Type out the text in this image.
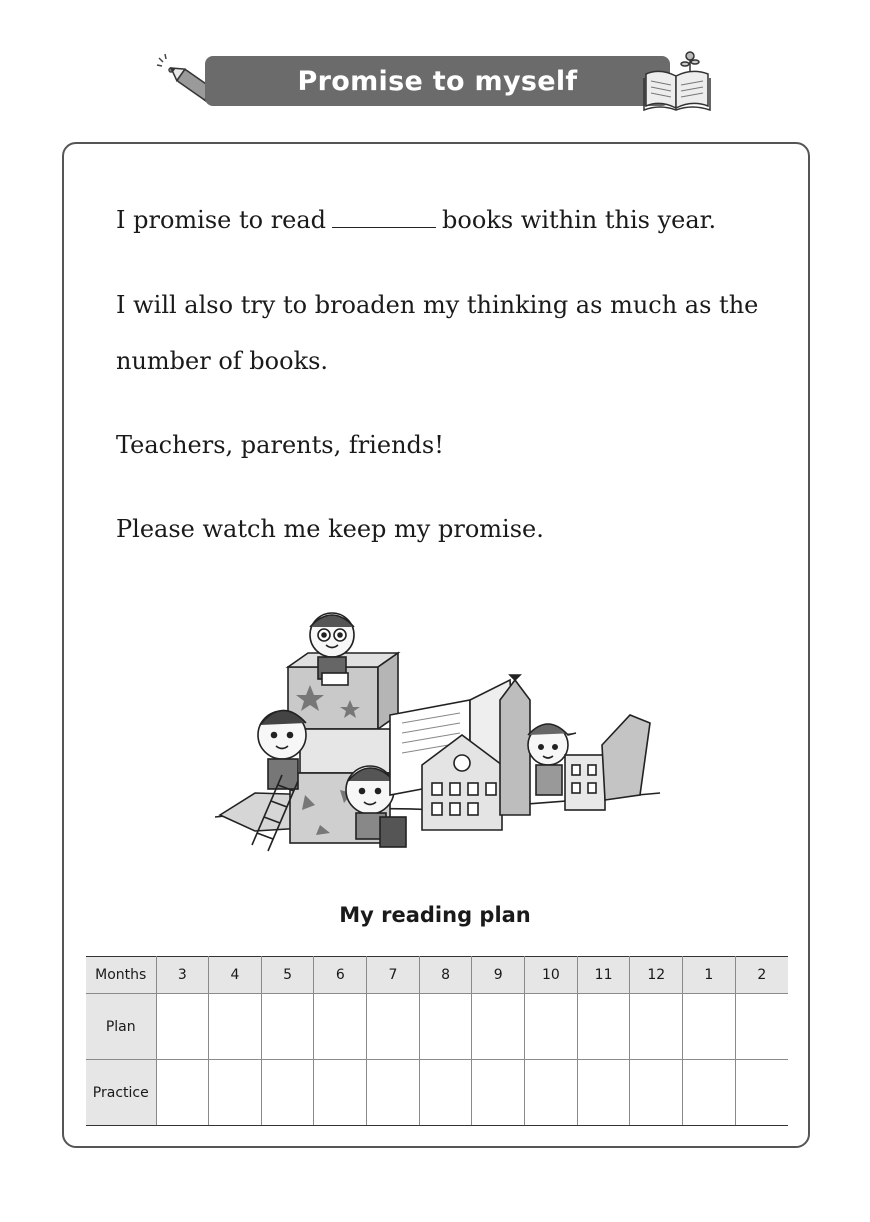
Promise to myself
I promise to read	books within this year.
I will also try to broaden my thinking as much as the
number of books.
Teachers, parents, friends!
Please watch me keep my promise.
My reading plan
Months	3	4	5	6	7	8	9	10	11	12	1	2
Plan												
Practice												
